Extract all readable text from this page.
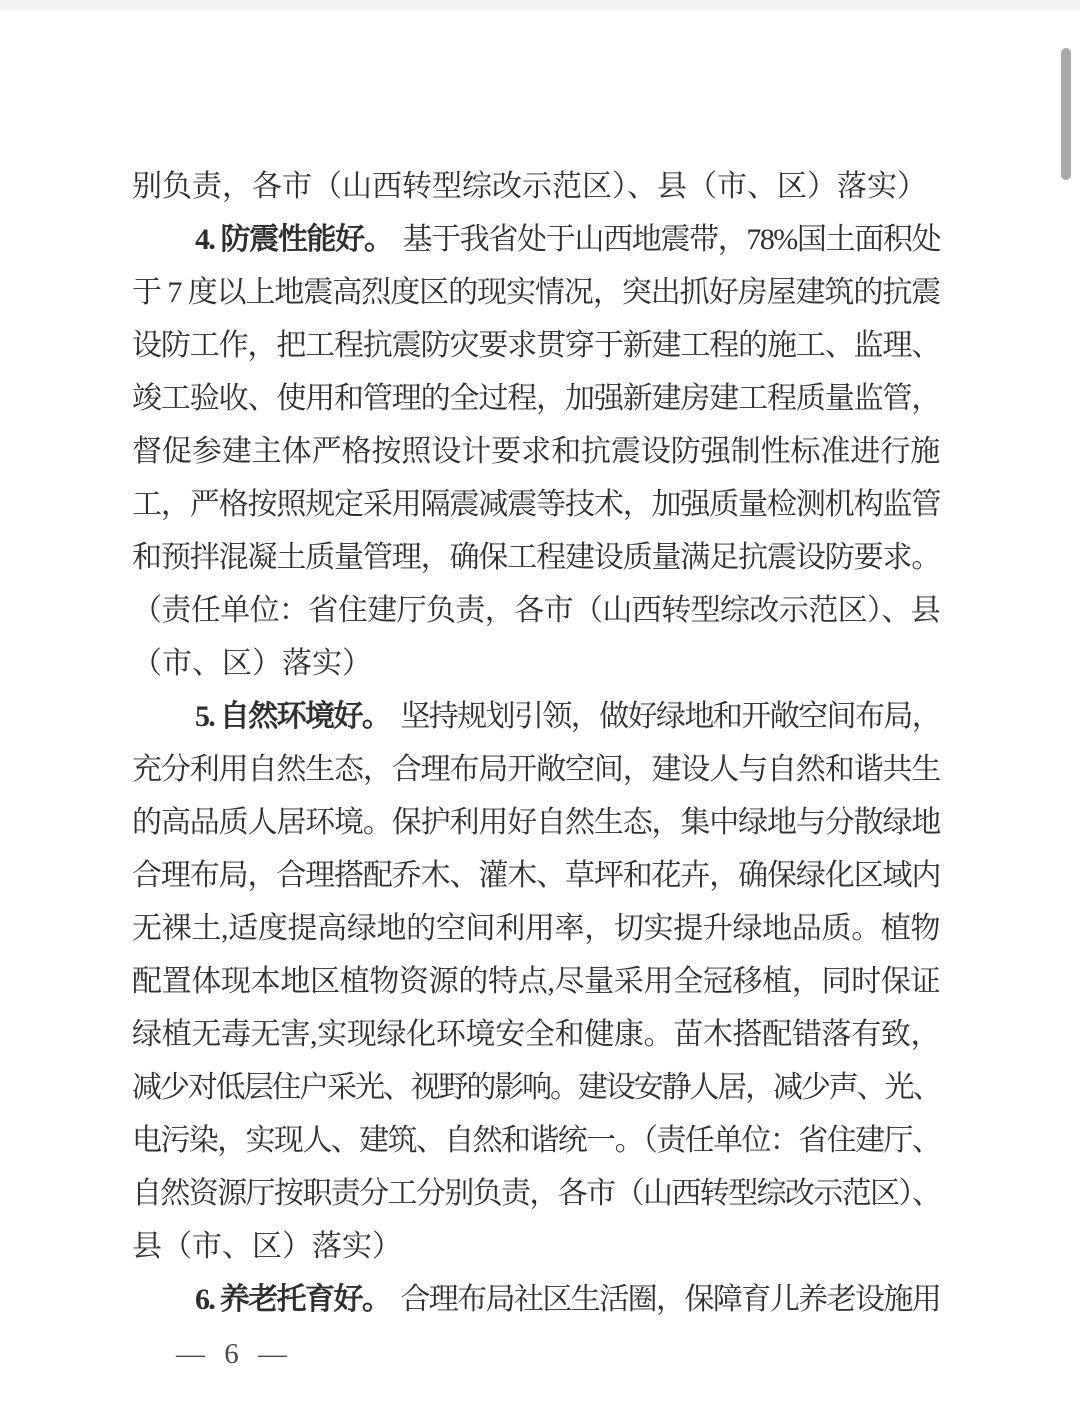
别负责，各市（山西转型综改示范区）、县（市、区）落实）
4. 防震性能好。 基于我省处于山西地震带，78%国土面积处
于 7 度以上地震高烈度区的现实情况，突出抓好房屋建筑的抗震
设防工作，把工程抗震防灾要求贯穿于新建工程的施工、监理、
竣工验收、使用和管理的全过程，加强新建房建工程质量监管，
督促参建主体严格按照设计要求和抗震设防强制性标准进行施
工，严格按照规定采用隔震减震等技术，加强质量检测机构监管
和预拌混凝土质量管理，确保工程建设质量满足抗震设防要求。
（责任单位：省住建厅负责，各市（山西转型综改示范区）、县
（市、区）落实）
5. 自然环境好。 坚持规划引领，做好绿地和开敞空间布局，
充分利用自然生态，合理布局开敞空间，建设人与自然和谐共生
的高品质人居环境。保护利用好自然生态，集中绿地与分散绿地
合理布局，合理搭配乔木、灌木、草坪和花卉，确保绿化区域内
无裸土,适度提高绿地的空间利用率，切实提升绿地品质。植物
配置体现本地区植物资源的特点,尽量采用全冠移植，同时保证
绿植无毒无害,实现绿化环境安全和健康。苗木搭配错落有致，
减少对低层住户采光、视野的影响。建设安静人居，减少声、光、
电污染，实现人、建筑、自然和谐统一。（责任单位：省住建厅、
自然资源厅按职责分工分别负责，各市（山西转型综改示范区）、
县（市、区）落实）
6. 养老托育好。 合理布局社区生活圈，保障育儿养老设施用
— 6 —
